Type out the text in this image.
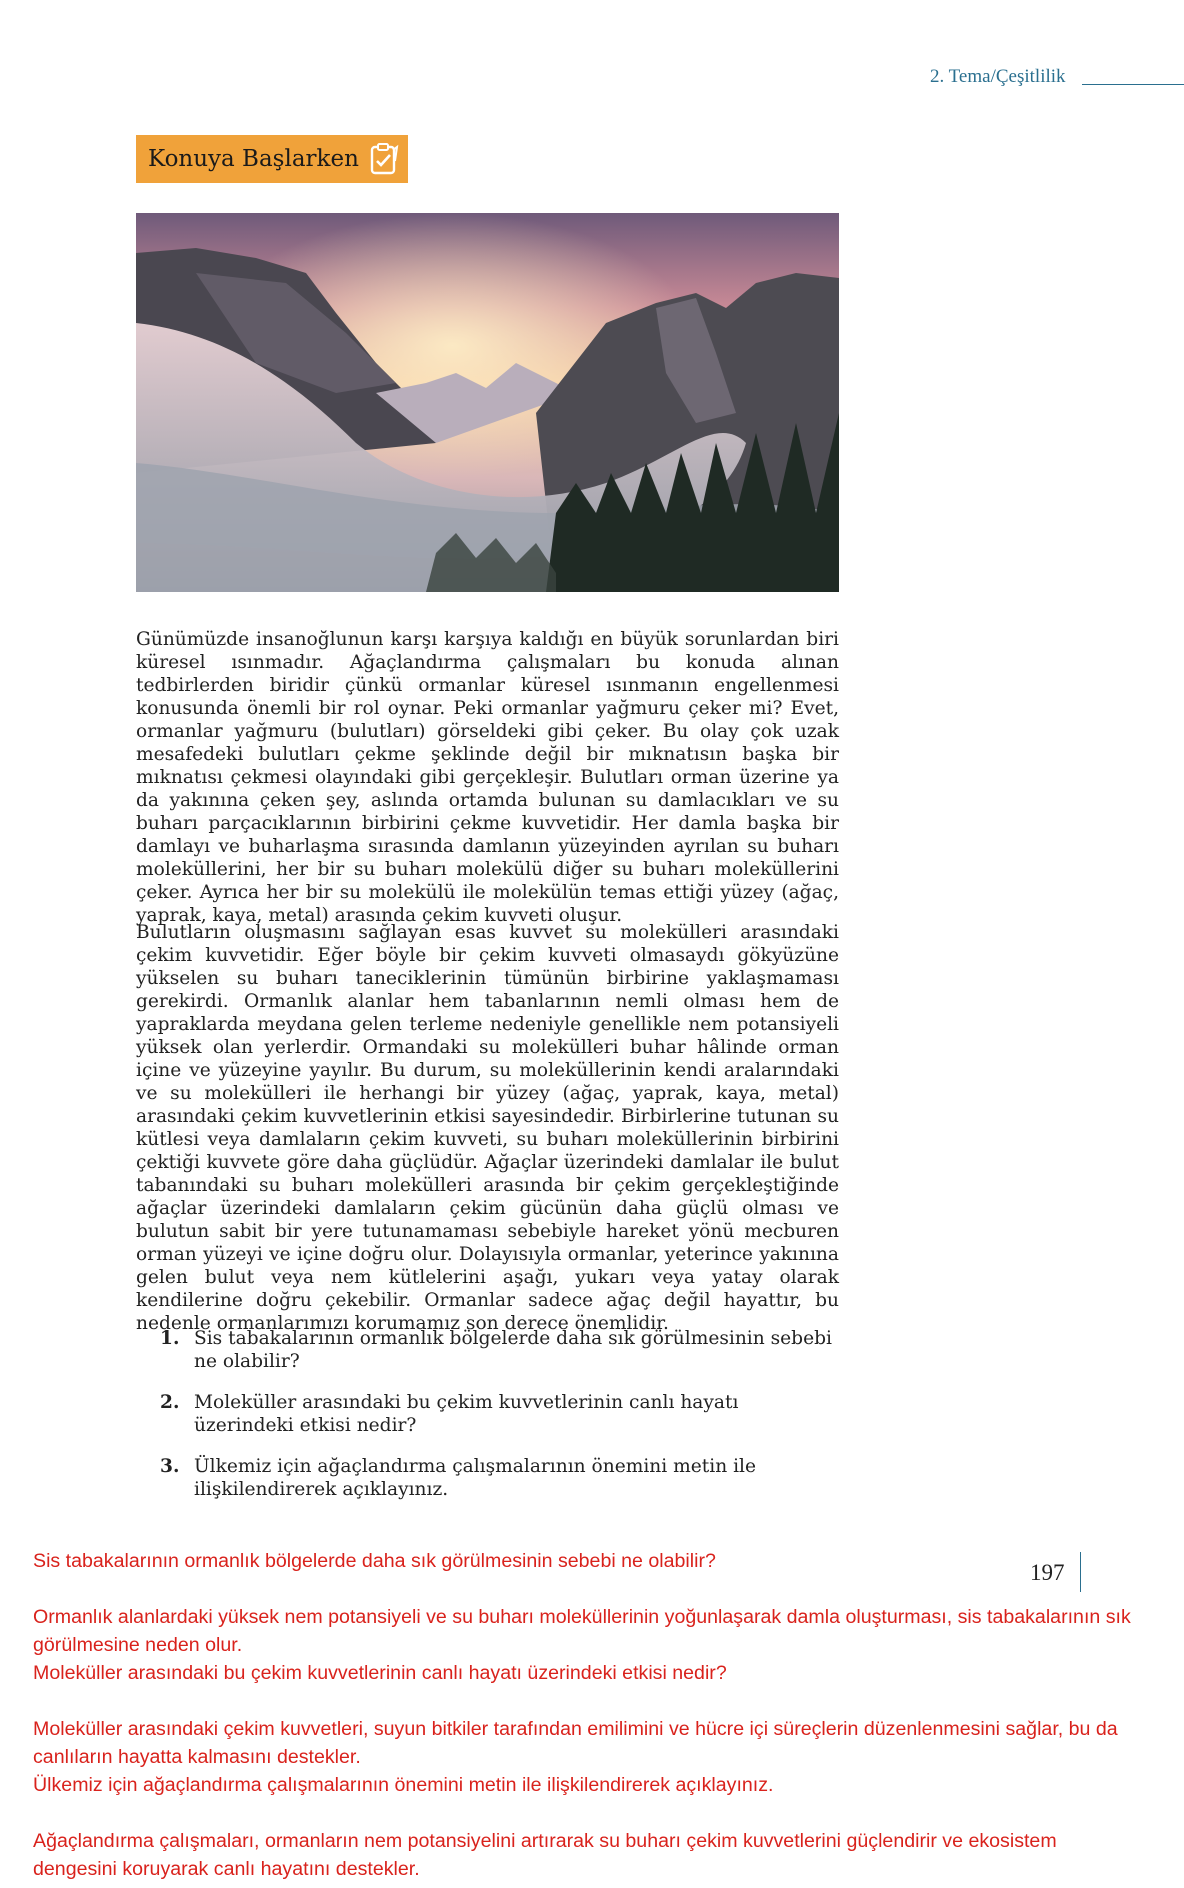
2. Tema/Çeşitlilik
Konuya Başlarken

Günümüzde insanoğlunun karşı karşıya kaldığı en büyük sorunlardan biri küresel ısınmadır. Ağaçlandırma çalışmaları bu konuda alınan tedbirlerden biridir çünkü ormanlar küresel ısınmanın engellenmesi konusunda önemli bir rol oynar. Peki ormanlar yağmuru çeker mi? Evet, ormanlar yağmuru (bulutları) görseldeki gibi çeker. Bu olay çok uzak mesafedeki bulutları çekme şeklinde değil bir mıknatısın başka bir mıknatısı çekmesi olayındaki gibi gerçekleşir. Bulutları orman üzerine ya da yakınına çeken şey, aslında ortamda bulunan su damlacıkları ve su buharı parçacıklarının birbirini çekme kuvvetidir. Her damla başka bir damlayı ve buharlaşma sırasında damlanın yüzeyinden ayrılan su buharı moleküllerini, her bir su buharı molekülü diğer su buharı moleküllerini çeker. Ayrıca her bir su molekülü ile molekülün temas ettiği yüzey (ağaç, yaprak, kaya, metal) arasında çekim kuvveti oluşur.

Bulutların oluşmasını sağlayan esas kuvvet su molekülleri arasındaki çekim kuvvetidir. Eğer böyle bir çekim kuvveti olmasaydı gökyüzüne yükselen su buharı taneciklerinin tümünün birbirine yaklaşmaması gerekirdi. Ormanlık alanlar hem tabanlarının nemli olması hem de yapraklarda meydana gelen terleme nedeniyle genellikle nem potansiyeli yüksek olan yerlerdir. Ormandaki su molekülleri buhar hâlinde orman içine ve yüzeyine yayılır. Bu durum, su moleküllerinin kendi aralarındaki ve su molekülleri ile herhangi bir yüzey (ağaç, yaprak, kaya, metal) arasındaki çekim kuvvetlerinin etkisi sayesindedir. Birbirlerine tutunan su kütlesi veya damlaların çekim kuvveti, su buharı moleküllerinin birbirini çektiği kuvvete göre daha güçlüdür. Ağaçlar üzerindeki damlalar ile bulut tabanındaki su buharı molekülleri arasında bir çekim gerçekleştiğinde ağaçlar üzerindeki damlaların çekim gücünün daha güçlü olması ve bulutun sabit bir yere tutunamaması sebebiyle hareket yönü mecburen orman yüzeyi ve içine doğru olur. Dolayısıyla ormanlar, yeterince yakınına gelen bulut veya nem kütlelerini aşağı, yukarı veya yatay olarak kendilerine doğru çekebilir. Ormanlar sadece ağaç değil hayattır, bu nedenle ormanlarımızı korumamız son derece önemlidir.

1. Sis tabakalarının ormanlık bölgelerde daha sık görülmesinin sebebi ne olabilir?
2. Moleküller arasındaki bu çekim kuvvetlerinin canlı hayatı üzerindeki etkisi nedir?
3. Ülkemiz için ağaçlandırma çalışmalarının önemini metin ile ilişkilendirerek açıklayınız.
197

Sis tabakalarının ormanlık bölgelerde daha sık görülmesinin sebebi ne olabilir?

Ormanlık alanlardaki yüksek nem potansiyeli ve su buharı moleküllerinin yoğunlaşarak damla oluşturması, sis tabakalarının sık

görülmesine neden olur.

Moleküller arasındaki bu çekim kuvvetlerinin canlı hayatı üzerindeki etkisi nedir?

Moleküller arasındaki çekim kuvvetleri, suyun bitkiler tarafından emilimini ve hücre içi süreçlerin düzenlenmesini sağlar, bu da

canlıların hayatta kalmasını destekler.

Ülkemiz için ağaçlandırma çalışmalarının önemini metin ile ilişkilendirerek açıklayınız.

Ağaçlandırma çalışmaları, ormanların nem potansiyelini artırarak su buharı çekim kuvvetlerini güçlendirir ve ekosistem

dengesini koruyarak canlı hayatını destekler.
